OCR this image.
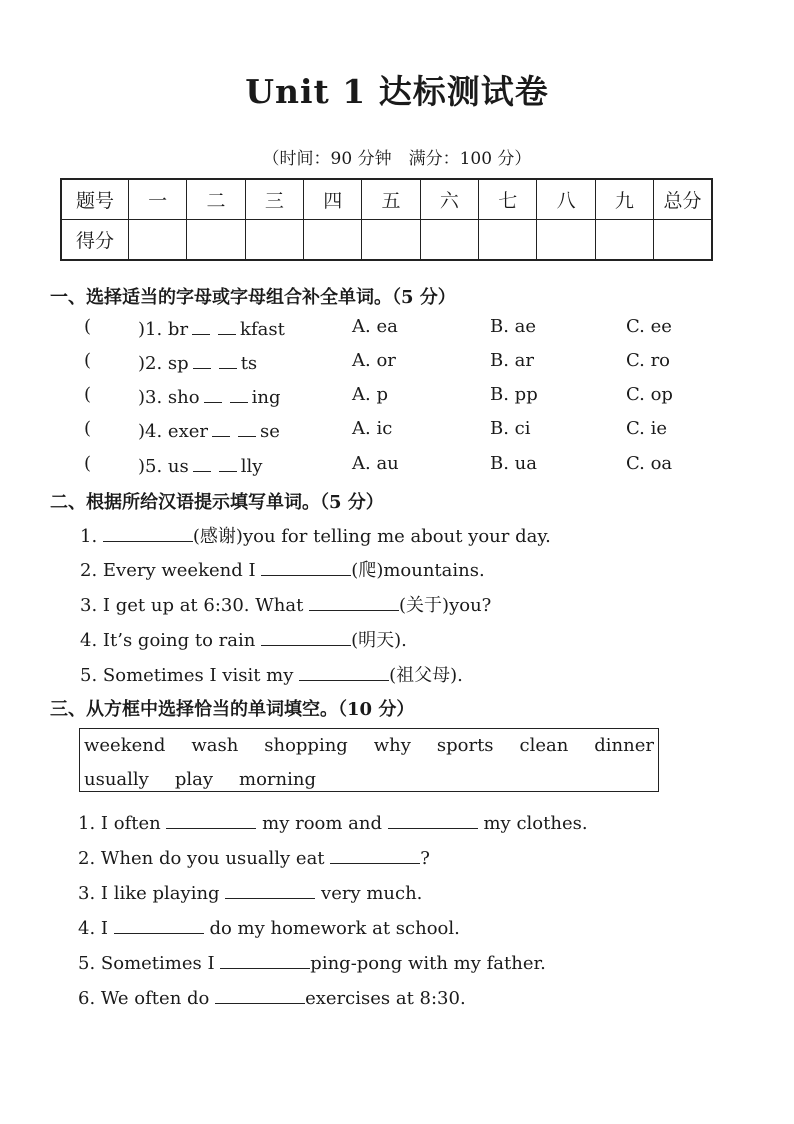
Unit 1 达标测试卷
（时间：90 分钟　满分：100 分）
题号	一	二	三	四	五	六	七	八	九	总分
得分										
一、选择适当的字母或字母组合补全单词。（5 分）
(	)1. br	kfast	A. ea	B. ae	C. ee
(	)2. sp	ts	A. or	B. ar	C. ro
(	)3. sho	ing	A. p	B. pp	C. op
(	)4. exer	se	A. ic	B. ci	C. ie
(	)5. us	lly	A. au	B. ua	C. oa
二、根据所给汉语提示填写单词。（5 分）
1.	(感谢)you for telling me about your day.
2. Every weekend I	(爬)mountains.
3. I get up at 6:30. What	(关于)you?
4. It’s going to rain	(明天).
5. Sometimes I visit my	(祖父母).
三、从方框中选择恰当的单词填空。（10 分）
weekend wash shopping why sports clean dinner
usually play morning
1. I often	my room and	my clothes.
2. When do you usually eat	?
3. I like playing	very much.
4. I	do my homework at school.
5. Sometimes I	ping-pong with my father.
6. We often do	exercises at 8:30.
